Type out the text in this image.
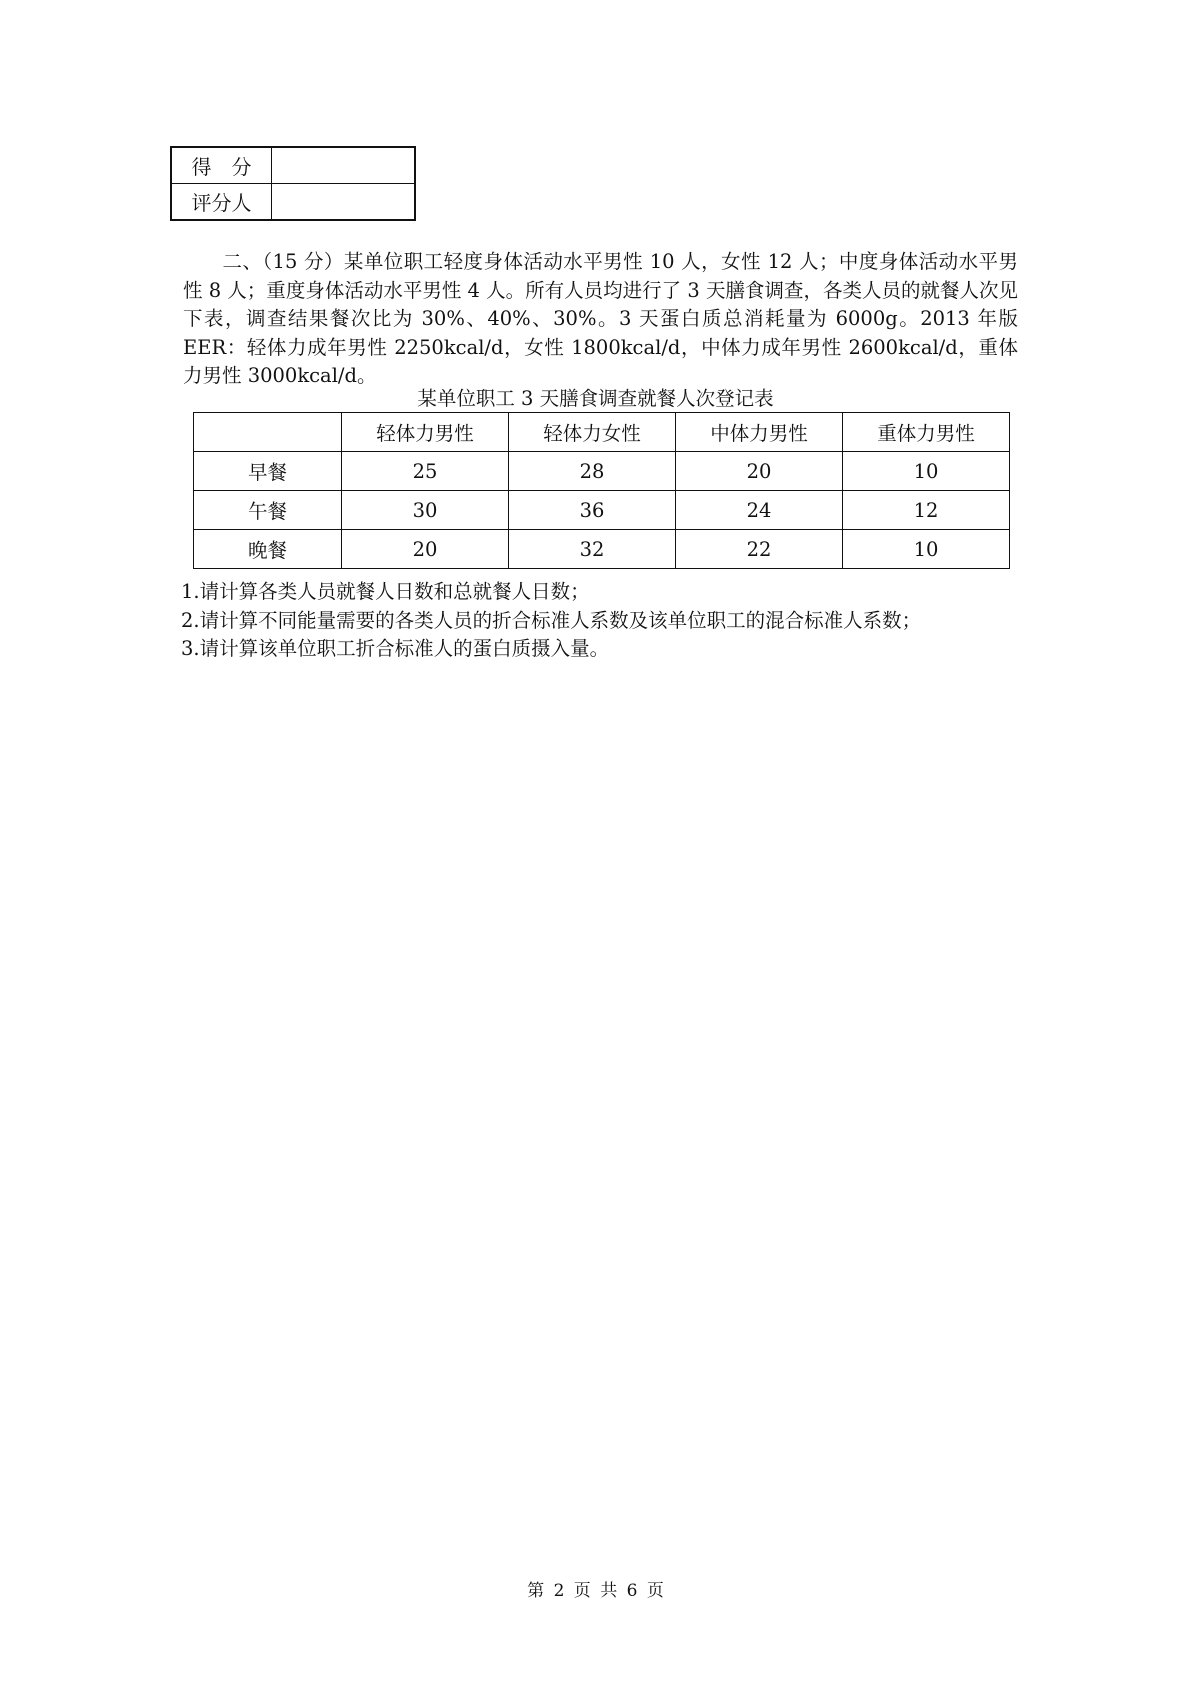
得　分	
评分人	

二、（15 分）某单位职工轻度身体活动水平男性 10 人，女性 12 人；中度身体活动水平男性 8 人；重度身体活动水平男性 4 人。所有人员均进行了 3 天膳食调查，各类人员的就餐人次见下表，调查结果餐次比为 30%、40%、30%。3 天蛋白质总消耗量为 6000g。2013 年版 EER：轻体力成年男性 2250kcal/d，女性 1800kcal/d，中体力成年男性 2600kcal/d，重体力男性 3000kcal/d。

某单位职工 3 天膳食调查就餐人次登记表
	轻体力男性	轻体力女性	中体力男性	重体力男性
早餐	25	28	20	10
午餐	30	36	24	12
晚餐	20	32	22	10
1.请计算各类人员就餐人日数和总就餐人日数；
2.请计算不同能量需要的各类人员的折合标准人系数及该单位职工的混合标准人系数；
3.请计算该单位职工折合标准人的蛋白质摄入量。
第 2 页 共 6 页
